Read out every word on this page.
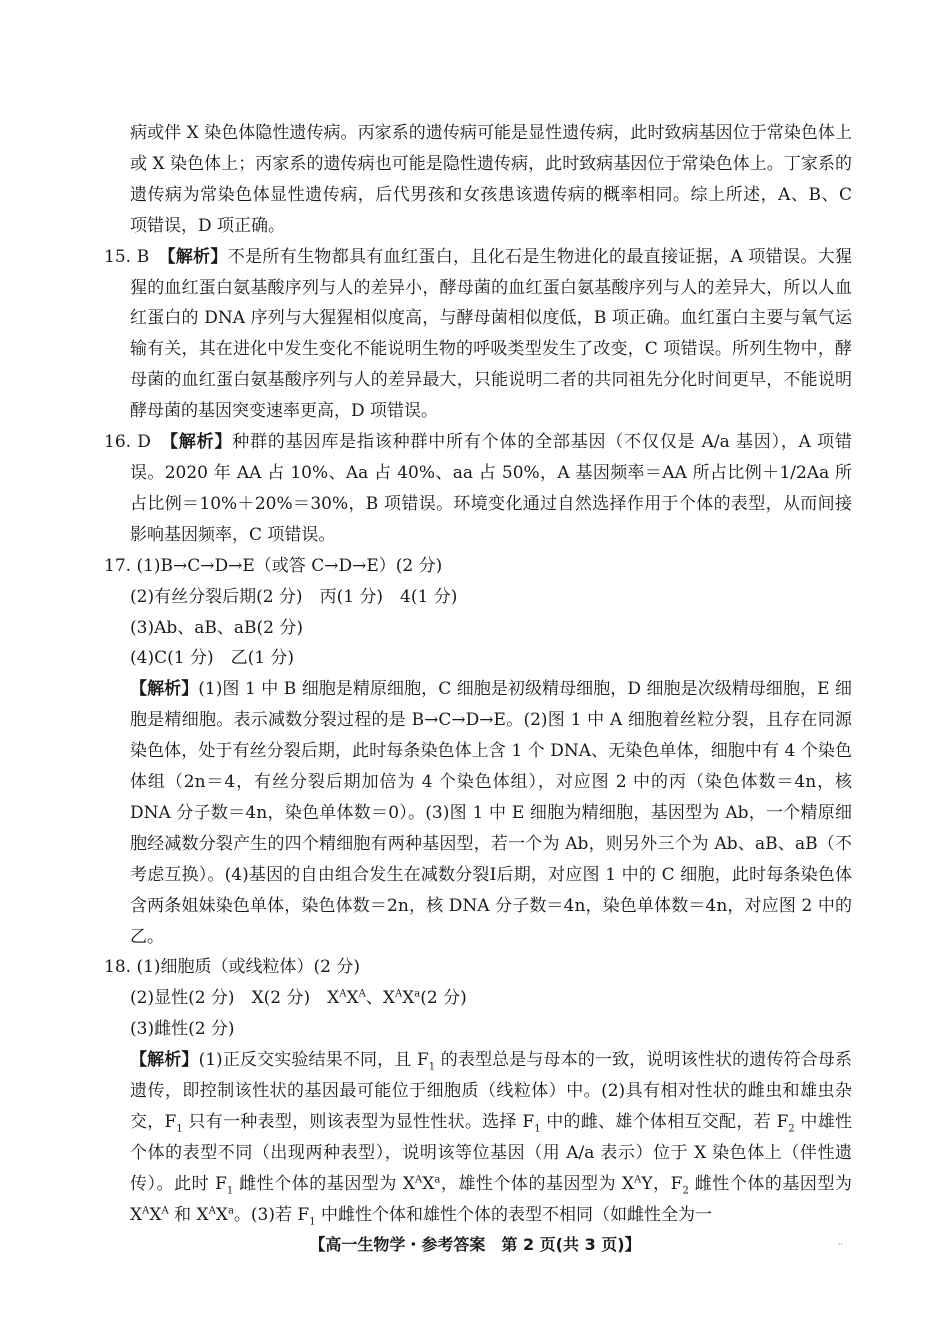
病或伴 X 染色体隐性遗传病。丙家系的遗传病可能是显性遗传病，此时致病基因位于常染色体上或 X 染色体上；丙家系的遗传病也可能是隐性遗传病，此时致病基因位于常染色体上。丁家系的遗传病为常染色体显性遗传病，后代男孩和女孩患该遗传病的概率相同。综上所述，A、B、C 项错误，D 项正确。
15. B　【解析】不是所有生物都具有血红蛋白，且化石是生物进化的最直接证据，A 项错误。大猩猩的血红蛋白氨基酸序列与人的差异小，酵母菌的血红蛋白氨基酸序列与人的差异大，所以人血红蛋白的 DNA 序列与大猩猩相似度高，与酵母菌相似度低，B 项正确。血红蛋白主要与氧气运输有关，其在进化中发生变化不能说明生物的呼吸类型发生了改变，C 项错误。所列生物中，酵母菌的血红蛋白氨基酸序列与人的差异最大，只能说明二者的共同祖先分化时间更早，不能说明酵母菌的基因突变速率更高，D 项错误。
16. D　【解析】种群的基因库是指该种群中所有个体的全部基因（不仅仅是 A/a 基因），A 项错误。2020 年 AA 占 10%、Aa 占 40%、aa 占 50%，A 基因频率＝AA 所占比例＋1/2Aa 所占比例＝10%＋20%＝30%，B 项错误。环境变化通过自然选择作用于个体的表型，从而间接影响基因频率，C 项错误。
17. (1)B→C→D→E（或答 C→D→E）(2 分)
(2)有丝分裂后期(2 分)　丙(1 分)　4(1 分)
(3)Ab、aB、aB(2 分)
(4)C(1 分)　乙(1 分)
【解析】(1)图 1 中 B 细胞是精原细胞，C 细胞是初级精母细胞，D 细胞是次级精母细胞，E 细胞是精细胞。表示减数分裂过程的是 B→C→D→E。(2)图 1 中 A 细胞着丝粒分裂，且存在同源染色体，处于有丝分裂后期，此时每条染色体上含 1 个 DNA、无染色单体，细胞中有 4 个染色体组（2n＝4，有丝分裂后期加倍为 4 个染色体组），对应图 2 中的丙（染色体数＝4n，核 DNA 分子数＝4n，染色单体数＝0）。(3)图 1 中 E 细胞为精细胞，基因型为 Ab，一个精原细胞经减数分裂产生的四个精细胞有两种基因型，若一个为 Ab，则另外三个为 Ab、aB、aB（不考虑互换）。(4)基因的自由组合发生在减数分裂Ⅰ后期，对应图 1 中的 C 细胞，此时每条染色体含两条姐妹染色单体，染色体数＝2n，核 DNA 分子数＝4n，染色单体数＝4n，对应图 2 中的乙。
18. (1)细胞质（或线粒体）(2 分)
(2)显性(2 分)　X(2 分)　$X^AX^A$、$X^AX^a(2$ 分)
(3)雌性(2 分)
【解析】(1)正反交实验结果不同，且 $F_1$ 的表型总是与母本的一致，说明该性状的遗传符合母系遗传，即控制该性状的基因最可能位于细胞质（线粒体）中。(2)具有相对性状的雌虫和雄虫杂交，$F_1$ 只有一种表型，则该表型为显性性状。选择 $F_1$ 中的雌、雄个体相互交配，若 $F_2$ 中雄性个体的表型不同（出现两种表型），说明该等位基因（用 A/a 表示）位于 X 染色体上（伴性遗传）。此时 $F_1$ 雌性个体的基因型为 $X^AX^a$，雄性个体的基因型为 $X^AY$，$F_2$ 雌性个体的基因型为 $X^AX^A$ 和 $X^AX^a$。(3)若 $F_1$ 中雌性个体和雄性个体的表型不相同（如雌性全为一
【高一生物学・参考答案　第 2 页(共 3 页)】	··
